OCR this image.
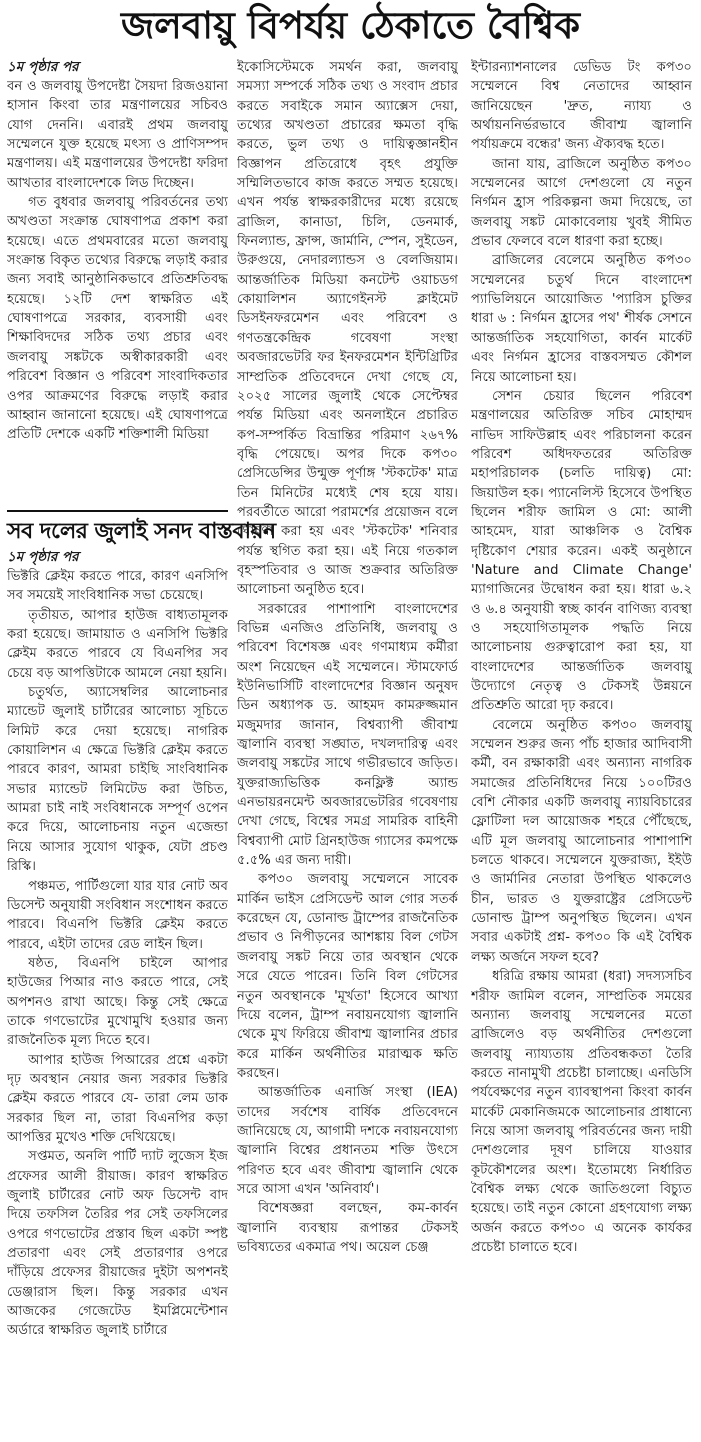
জলবায়ু বিপর্যয় ঠেকাতে বৈশ্বিক
১ম পৃষ্ঠার পর

বন ও জলবায়ু উপদেষ্টা সৈয়দা রিজওয়ানা হাসান কিংবা তার মন্ত্রণালয়ের সচিবও যোগ দেননি। এবারই প্রথম জলবায়ু সম্মেলনে যুক্ত হয়েছে মৎস্য ও প্রাণিসম্পদ মন্ত্রণালয়। এই মন্ত্রণালয়ের উপদেষ্টা ফরিদা আখতার বাংলাদেশকে লিড দিচ্ছেন।

গত বুধবার জলবায়ু পরিবর্তনের তথ্য অখণ্ডতা সংক্রান্ত ঘোষণাপত্র প্রকাশ করা হয়েছে। এতে প্রথমবারের মতো জলবায়ু সংক্রান্ত বিকৃত তথ্যের বিরুদ্ধে লড়াই করার জন্য সবাই আনুষ্ঠানিকভাবে প্রতিশ্রুতিবদ্ধ হয়েছে। ১২টি দেশ স্বাক্ষরিত এই ঘোষণাপত্রে সরকার, ব্যবসায়ী এবং শিক্ষাবিদদের সঠিক তথ্য প্রচার এবং জলবায়ু সঙ্কটকে অস্বীকারকারী এবং পরিবেশ বিজ্ঞান ও পরিবেশ সাংবাদিকতার ওপর আক্রমণের বিরুদ্ধে লড়াই করার আহ্বান জানানো হয়েছে। এই ঘোষণাপত্রে প্রতিটি দেশকে একটি শক্তিশালী মিডিয়া

সব দলের জুলাই সনদ বাস্তবায়ন
১ম পৃষ্ঠার পর

ভিক্টরি ক্লেইম করতে পারে, কারণ এনসিপি সব সময়েই সাংবিধানিক সভা চেয়েছে।

তৃতীয়ত, আপার হাউজ বাধ্যতামূলক করা হয়েছে। জামায়াত ও এনসিপি ভিক্টরি ক্লেইম করতে পারবে যে বিএনপির সব চেয়ে বড় আপত্তিটাকে আমলে নেয়া হয়নি।

চতুর্থত, অ্যাসেম্বলির আলোচনার ম্যান্ডেট জুলাই চার্টারের আলোচ্য সূচিতে লিমিট করে দেয়া হয়েছে। নাগরিক কোয়ালিশন এ ক্ষেত্রে ভিক্টরি ক্লেইম করতে পারবে কারণ, আমরা চাইছি সাংবিধানিক সভার ম্যান্ডেট লিমিটেড করা উচিত, আমরা চাই নাই সংবিধানকে সম্পূর্ণ ওপেন করে দিয়ে, আলোচনায় নতুন এজেন্ডা নিয়ে আসার সুযোগ থাকুক, যেটা প্রচণ্ড রিস্কি।

পঞ্চমত, পার্টিগুলো যার যার নোট অব ডিসেন্ট অনুযায়ী সংবিধান সংশোধন করতে পারবে। বিএনপি ভিক্টরি ক্লেইম করতে পারবে, এইটা তাদের রেড লাইন ছিল।

ষষ্ঠত, বিএনপি চাইলে আপার হাউজের পিআর নাও করতে পারে, সেই অপশনও রাখা আছে। কিন্তু সেই ক্ষেত্রে তাকে গণভোটের মুখোমুখি হওয়ার জন্য রাজনৈতিক মূল্য দিতে হবে।

আপার হাউজ পিআরের প্রশ্নে একটা দৃঢ় অবস্থান নেয়ার জন্য সরকার ভিক্টরি ক্লেইম করতে পারবে যে- তারা লেম ডাক সরকার ছিল না, তারা বিএনপির কড়া আপত্তির মুখেও শক্তি দেখিয়েছে।

সপ্তমত, অনলি পার্টি দ্যাট লুজেস ইজ প্রফেসর আলী রীয়াজ। কারণ স্বাক্ষরিত জুলাই চার্টারের নোট অফ ডিসেন্ট বাদ দিয়ে তফসিল তৈরির পর সেই তফসিলের ওপরে গণভোটের প্রস্তাব ছিল একটা স্পষ্ট প্রতারণা এবং সেই প্রতারণার ওপরে দাঁড়িয়ে প্রফেসর রীয়াজের দুইটা অপশনই ডেঞ্জারাস ছিল। কিন্তু সরকার এখন আজকের গেজেটেড ইমপ্লিমেন্টেশান অর্ডারে স্বাক্ষরিত জুলাই চার্টারে

ইকোসিস্টেমকে সমর্থন করা, জলবায়ু সমস্যা সম্পর্কে সঠিক তথ্য ও সংবাদ প্রচার করতে সবাইকে সমান অ্যাক্সেস দেয়া, তথ্যের অখণ্ডতা প্রচারের ক্ষমতা বৃদ্ধি করতে, ভুল তথ্য ও দায়িত্বজ্ঞানহীন বিজ্ঞাপন প্রতিরোধে বৃহৎ প্রযুক্তি সম্মিলিতভাবে কাজ করতে সম্মত হয়েছে। এখন পর্যন্ত স্বাক্ষরকারীদের মধ্যে রয়েছে ব্রাজিল, কানাডা, চিলি, ডেনমার্ক, ফিনল্যান্ড, ফ্রান্স, জার্মানি, স্পেন, সুইডেন, উরুগুয়ে, নেদারল্যান্ডস ও বেলজিয়াম। আন্তর্জাতিক মিডিয়া কনটেন্ট ওয়াচডগ কোয়ালিশন অ্যাগেইনস্ট ক্লাইমেট ডিসইনফরমেশন এবং পরিবেশ ও গণতন্ত্রকেন্দ্রিক গবেষণা সংস্থা অবজারভেটরি ফর ইনফরমেশন ইন্টিগ্রিটির সাম্প্রতিক প্রতিবেদনে দেখা গেছে যে, ২০২৫ সালের জুলাই থেকে সেপ্টেম্বর পর্যন্ত মিডিয়া এবং অনলাইনে প্রচারিত কপ-সম্পর্কিত বিভ্রান্তির পরিমাণ ২৬৭% বৃদ্ধি পেয়েছে। অপর দিকে কপ৩০ প্রেসিডেন্সির উন্মুক্ত পূর্ণাঙ্গ 'স্টকটেক' মাত্র তিন মিনিটের মধ্যেই শেষ হয়ে যায়। পরবর্তীতে আরো পরামর্শের প্রয়োজন বলে ঘোষণা করা হয় এবং 'স্টকটেক' শনিবার পর্যন্ত স্থগিত করা হয়। এই নিয়ে গতকাল বৃহস্পতিবার ও আজ শুক্রবার অতিরিক্ত আলোচনা অনুষ্ঠিত হবে।

সরকারের পাশাপাশি বাংলাদেশের বিভিন্ন এনজিও প্রতিনিধি, জলবায়ু ও পরিবেশ বিশেষজ্ঞ এবং গণমাধ্যম কর্মীরা অংশ নিয়েছেন এই সম্মেলনে। স্টামফোর্ড ইউনিভার্সিটি বাংলাদেশের বিজ্ঞান অনুষদ ডিন অধ্যাপক ড. আহমদ কামরুজ্জমান মজুমদার জানান, বিশ্বব্যাপী জীবাশ্ম জ্বালানি ব্যবস্থা সঙ্ঘাত, দখলদারিত্ব এবং জলবায়ু সঙ্কটের সাথে গভীরভাবে জড়িত। যুক্তরাজ্যভিত্তিক কনফ্লিক্ট অ্যান্ড এনভায়রনমেন্ট অবজারভেটরির গবেষণায় দেখা গেছে, বিশ্বের সমগ্র সামরিক বাহিনী বিশ্বব্যাপী মোট গ্রিনহাউজ গ্যাসের কমপক্ষে ৫.৫% এর জন্য দায়ী।

কপ৩০ জলবায়ু সম্মেলনে সাবেক মার্কিন ভাইস প্রেসিডেন্ট আল গোর সতর্ক করেছেন যে, ডোনাল্ড ট্রাম্পের রাজনৈতিক প্রভাব ও নিপীড়নের আশঙ্কায় বিল গেটস জলবায়ু সঙ্কট নিয়ে তার অবস্থান থেকে সরে যেতে পারেন। তিনি বিল গেটসের নতুন অবস্থানকে 'মূর্খতা' হিসেবে আখ্যা দিয়ে বলেন, ট্রাম্প নবায়নযোগ্য জ্বালানি থেকে মুখ ফিরিয়ে জীবাশ্ম জ্বালানির প্রচার করে মার্কিন অর্থনীতির মারাত্মক ক্ষতি করছেন।

আন্তর্জাতিক এনার্জি সংস্থা (IEA) তাদের সর্বশেষ বার্ষিক প্রতিবেদনে জানিয়েছে যে, আগামী দশকে নবায়নযোগ্য জ্বালানি বিশ্বের প্রধানতম শক্তি উৎসে পরিণত হবে এবং জীবাশ্ম জ্বালানি থেকে সরে আসা এখন 'অনিবার্য'।

বিশেষজ্ঞরা বলছেন, কম-কার্বন জ্বালানি ব্যবস্থায় রূপান্তর টেকসই ভবিষ্যতের একমাত্র পথ। অয়েল চেঞ্জ

ইন্টারন্যাশনালের ডেভিড টং কপ৩০ সম্মেলনে বিশ্ব নেতাদের আহ্বান জানিয়েছেন 'দ্রুত, ন্যায্য ও অর্থায়ননির্ভরভাবে জীবাশ্ম জ্বালানি পর্যায়ক্রমে বন্ধের' জন্য ঐক্যবদ্ধ হতে।

জানা যায়, ব্রাজিলে অনুষ্ঠিত কপ৩০ সম্মেলনের আগে দেশগুলো যে নতুন নির্গমন হ্রাস পরিকল্পনা জমা দিয়েছে, তা জলবায়ু সঙ্কট মোকাবেলায় খুবই সীমিত প্রভাব ফেলবে বলে ধারণা করা হচ্ছে।

ব্রাজিলের বেলেমে অনুষ্ঠিত কপ৩০ সম্মেলনের চতুর্থ দিনে বাংলাদেশ প্যাভিলিয়নে আয়োজিত 'প্যারিস চুক্তির ধারা ৬ : নির্গমন হ্রাসের পথ' শীর্ষক সেশনে আন্তর্জাতিক সহযোগিতা, কার্বন মার্কেট এবং নির্গমন হ্রাসের বাস্তবসম্মত কৌশল নিয়ে আলোচনা হয়।

সেশন চেয়ার ছিলেন পরিবেশ মন্ত্রণালয়ের অতিরিক্ত সচিব মোহাম্মদ নাভিদ সাফিউল্লাহ এবং পরিচালনা করেন পরিবেশ অধিদফতরের অতিরিক্ত মহাপরিচালক (চলতি দায়িত্ব) মো: জিয়াউল হক। প্যানেলিস্ট হিসেবে উপস্থিত ছিলেন শরীফ জামিল ও মো: আলী আহমেদ, যারা আঞ্চলিক ও বৈশ্বিক দৃষ্টিকোণ শেয়ার করেন। একই অনুষ্ঠানে 'Nature and Climate Change' ম্যাগাজিনের উদ্বোধন করা হয়। ধারা ৬.২ ও ৬.৪ অনুযায়ী স্বচ্ছ কার্বন বাণিজ্য ব্যবস্থা ও সহযোগিতামূলক পদ্ধতি নিয়ে আলোচনায় গুরুত্বারোপ করা হয়, যা বাংলাদেশের আন্তর্জাতিক জলবায়ু উদ্যোগে নেতৃত্ব ও টেকসই উন্নয়নে প্রতিশ্রুতি আরো দৃঢ় করবে।

বেলেমে অনুষ্ঠিত কপ৩০ জলবায়ু সম্মেলন শুরুর জন্য পাঁচ হাজার আদিবাসী কর্মী, বন রক্ষাকারী এবং অন্যান্য নাগরিক সমাজের প্রতিনিধিদের নিয়ে ১০০টিরও বেশি নৌকার একটি জলবায়ু ন্যায়বিচারের ফ্লোটিলা দল আয়োজক শহরে পৌঁছেছে, এটি মূল জলবায়ু আলোচনার পাশাপাশি চলতে থাকবে। সম্মেলনে যুক্তরাজ্য, ইইউ ও জার্মানির নেতারা উপস্থিত থাকলেও চীন, ভারত ও যুক্তরাষ্ট্রের প্রেসিডেন্ট ডোনাল্ড ট্রাম্প অনুপস্থিত ছিলেন। এখন সবার একটাই প্রশ্ন- কপ৩০ কি এই বৈশ্বিক লক্ষ্য অর্জনে সফল হবে?

ধরিত্রি রক্ষায় আমরা (ধরা) সদস্যসচিব শরীফ জামিল বলেন, সাম্প্রতিক সময়ের অন্যান্য জলবায়ু সম্মেলনের মতো ব্রাজিলেও বড় অর্থনীতির দেশগুলো জলবায়ু ন্যায্যতায় প্রতিবন্ধকতা তৈরি করতে নানামুখী প্রচেষ্টা চালাচ্ছে। এনডিসি পর্যবেক্ষণের নতুন ব্যাবস্থাপনা কিংবা কার্বন মার্কেট মেকানিজমকে আলোচনার প্রাধান্যে নিয়ে আসা জলবায়ু পরিবর্তনের জন্য দায়ী দেশগুলোর দূষণ চালিয়ে যাওয়ার কূটকৌশলের অংশ। ইতোমধ্যে নির্ধারিত বৈশ্বিক লক্ষ্য থেকে জাতিগুলো বিচ্যুত হয়েছে। তাই নতুন কোনো গ্রহণযোগ্য লক্ষ্য অর্জন করতে কপ৩০ এ অনেক কার্যকর প্রচেষ্টা চালাতে হবে।
